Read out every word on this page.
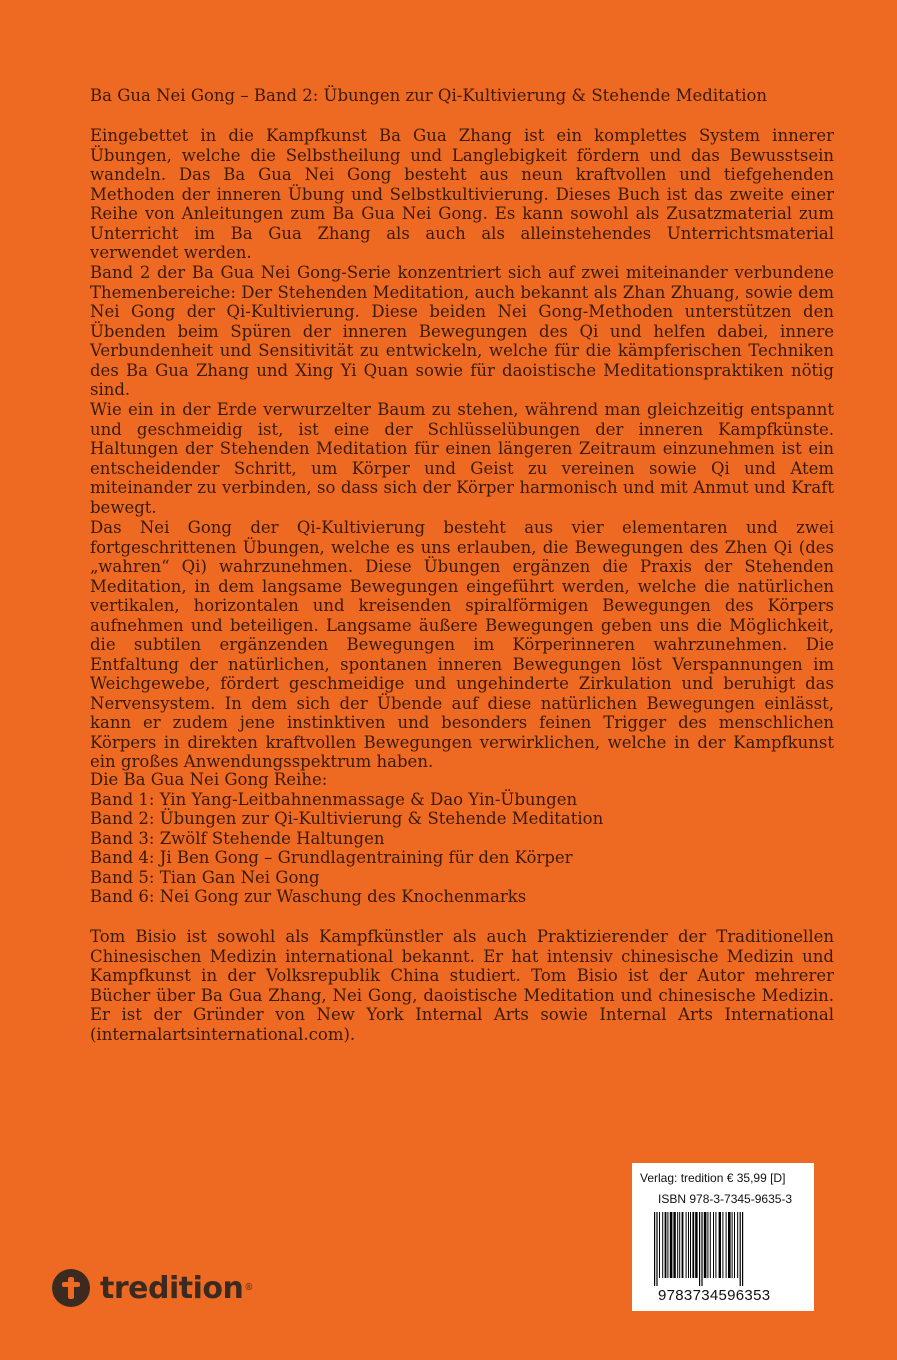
Ba Gua Nei Gong – Band 2: Übungen zur Qi-Kultivierung & Stehende Meditation

Eingebettet in die Kampfkunst Ba Gua Zhang ist ein komplettes System innerer Übungen, welche die Selbstheilung und Langlebigkeit fördern und das Bewusstsein wandeln. Das Ba Gua Nei Gong besteht aus neun kraftvollen und tiefgehenden Methoden der inneren Übung und Selbstkultivierung. Dieses Buch ist das zweite einer Reihe von Anleitungen zum Ba Gua Nei Gong. Es kann sowohl als Zusatzmaterial zum Unterricht im Ba Gua Zhang als auch als alleinstehendes Unterrichtsmaterial verwendet werden.

Band 2 der Ba Gua Nei Gong-Serie konzentriert sich auf zwei miteinander verbundene Themenbereiche: Der Stehenden Meditation, auch bekannt als Zhan Zhuang, sowie dem Nei Gong der Qi-Kultivierung. Diese beiden Nei Gong-Methoden unterstützen den Übenden beim Spüren der inneren Bewegungen des Qi und helfen dabei, innere Verbundenheit und Sensitivität zu entwickeln, welche für die kämpferischen Techniken des Ba Gua Zhang und Xing Yi Quan sowie für daoistische Meditationspraktiken nötig sind.

Wie ein in der Erde verwurzelter Baum zu stehen, während man gleichzeitig entspannt und geschmeidig ist, ist eine der Schlüsselübungen der inneren Kampfkünste. Haltungen der Stehenden Meditation für einen längeren Zeitraum einzunehmen ist ein entscheidender Schritt, um Körper und Geist zu vereinen sowie Qi und Atem miteinander zu verbinden, so dass sich der Körper harmonisch und mit Anmut und Kraft bewegt.

Das Nei Gong der Qi-Kultivierung besteht aus vier elementaren und zwei fortgeschrittenen Übungen, welche es uns erlauben, die Bewegungen des Zhen Qi (des „wahren“ Qi) wahrzunehmen. Diese Übungen ergänzen die Praxis der Stehenden Meditation, in dem langsame Bewegungen eingeführt werden, welche die natürlichen vertikalen, horizontalen und kreisenden spiralförmigen Bewegungen des Körpers aufnehmen und beteiligen. Langsame äußere Bewegungen geben uns die Möglichkeit, die subtilen ergänzenden Bewegungen im Körperinneren wahrzunehmen. Die Entfaltung der natürlichen, spontanen inneren Bewegungen löst Verspannungen im Weichgewebe, fördert geschmeidige und ungehinderte Zirkulation und beruhigt das Nervensystem. In dem sich der Übende auf diese natürlichen Bewegungen einlässt, kann er zudem jene instinktiven und besonders feinen Trigger des menschlichen Körpers in direkten kraftvollen Bewegungen verwirklichen, welche in der Kampfkunst ein großes Anwendungsspektrum haben.

Die Ba Gua Nei Gong Reihe:
Band 1: Yin Yang-Leitbahnenmassage & Dao Yin-Übungen
Band 2: Übungen zur Qi-Kultivierung & Stehende Meditation
Band 3: Zwölf Stehende Haltungen
Band 4: Ji Ben Gong – Grundlagentraining für den Körper
Band 5: Tian Gan Nei Gong
Band 6: Nei Gong zur Waschung des Knochenmarks

Tom Bisio ist sowohl als Kampfkünstler als auch Praktizierender der Traditionellen Chinesischen Medizin international bekannt. Er hat intensiv chinesische Medizin und Kampfkunst in der Volksrepublik China studiert. Tom Bisio ist der Autor mehrerer Bücher über Ba Gua Zhang, Nei Gong, daoistische Meditation und chinesische Medizin. Er ist der Gründer von New York Internal Arts sowie Internal Arts International (internalartsinternational.com).

Verlag: tredition € 35,99 [D]
ISBN 978-3-7345-9635-3
9783734596353
tredition ®
